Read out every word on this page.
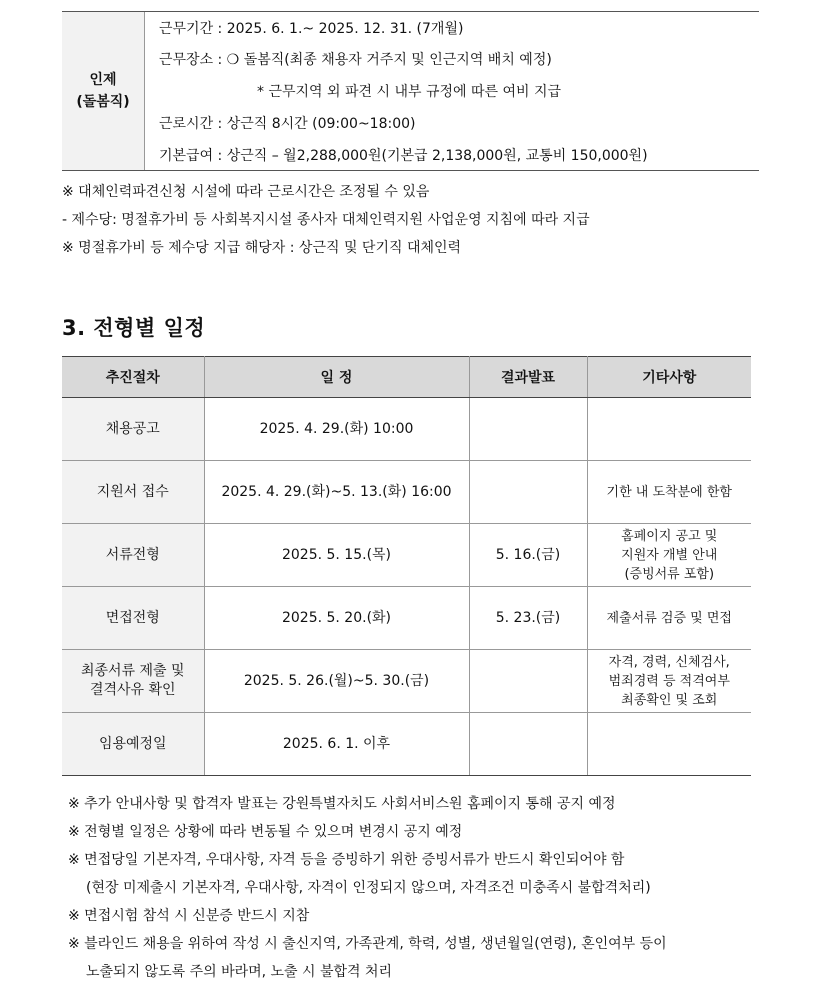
인제
(돌봄직)
근무기간 : 2025. 6. 1.~ 2025. 12. 31. (7개월)
근무장소 : ❍ 돌봄직(최종 채용자 거주지 및 인근지역 배치 예정)
* 근무지역 외 파견 시 내부 규정에 따른 여비 지급
근로시간 : 상근직 8시간 (09:00~18:00)
기본급여 : 상근직 – 월2,288,000원(기본급 2,138,000원, 교통비 150,000원)
※ 대체인력파견신청 시설에 따라 근로시간은 조정될 수 있음
- 제수당: 명절휴가비 등 사회복지시설 종사자 대체인력지원 사업운영 지침에 따라 지급
※ 명절휴가비 등 제수당 지급 해당자 : 상근직 및 단기직 대체인력
3. 전형별 일정
추진절차	일 정	결과발표	기타사항
채용공고	2025. 4. 29.(화) 10:00		
지원서 접수	2025. 4. 29.(화)~5. 13.(화) 16:00		기한 내 도착분에 한함
서류전형	2025. 5. 15.(목)	5. 16.(금)	홈페이지 공고 및
지원자 개별 안내
(증빙서류 포함)
면접전형	2025. 5. 20.(화)	5. 23.(금)	제출서류 검증 및 면접
최종서류 제출 및
결격사유 확인	2025. 5. 26.(월)~5. 30.(금)		자격, 경력, 신체검사,
범죄경력 등 적격여부
최종확인 및 조회
임용예정일	2025. 6. 1. 이후		
※ 추가 안내사항 및 합격자 발표는 강원특별자치도 사회서비스원 홈페이지 통해 공지 예정
※ 전형별 일정은 상황에 따라 변동될 수 있으며 변경시 공지 예정
※ 면접당일 기본자격, 우대사항, 자격 등을 증빙하기 위한 증빙서류가 반드시 확인되어야 함
(현장 미제출시 기본자격, 우대사항, 자격이 인정되지 않으며, 자격조건 미충족시 불합격처리)
※ 면접시험 참석 시 신분증 반드시 지참
※ 블라인드 채용을 위하여 작성 시 출신지역, 가족관계, 학력, 성별, 생년월일(연령), 혼인여부 등이
노출되지 않도록 주의 바라며, 노출 시 불합격 처리
